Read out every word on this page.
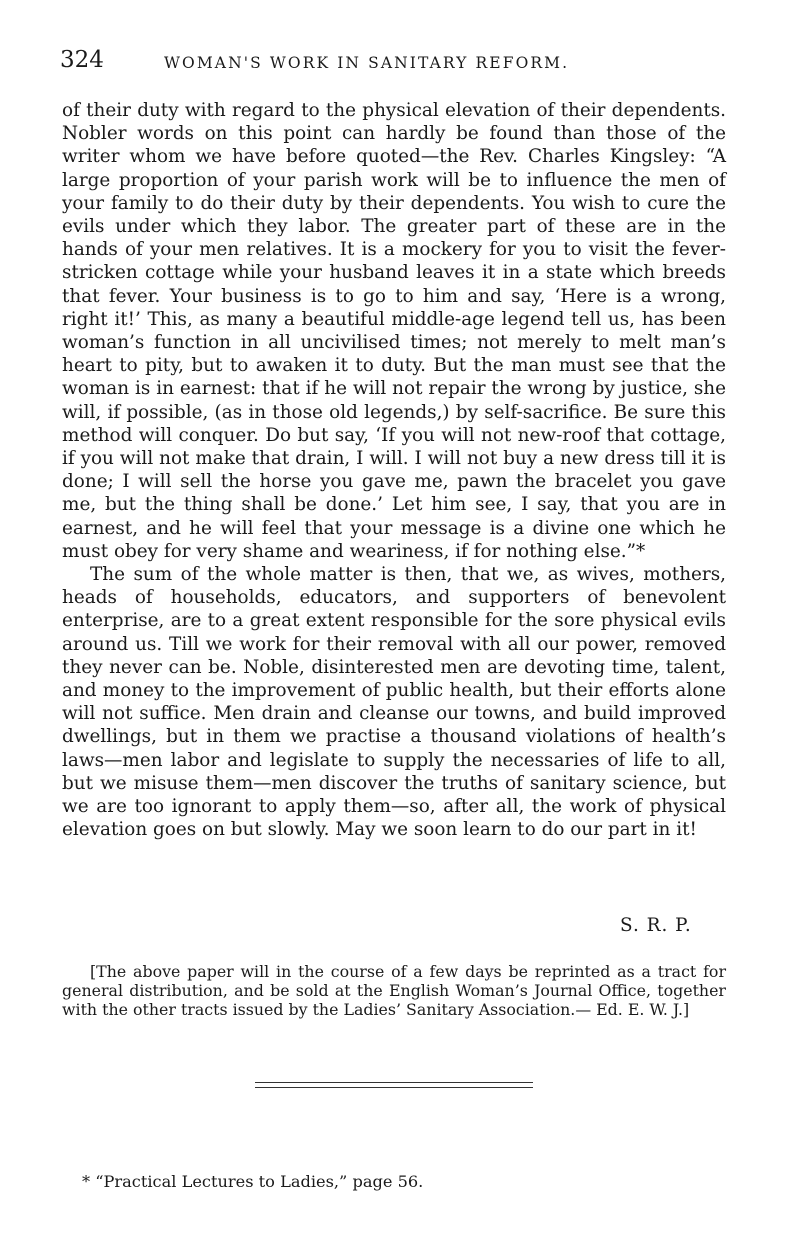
324	WOMAN'S WORK IN SANITARY REFORM.

of their duty with regard to the physical elevation of their dependents. Nobler words on this point can hardly be found than those of the writer whom we have before quoted—the Rev. Charles Kingsley: “A large proportion of your parish work will be to influence the men of your family to do their duty by their dependents. You wish to cure the evils under which they labor. The greater part of these are in the hands of your men relatives. It is a mockery for you to visit the fever-stricken cottage while your husband leaves it in a state which breeds that fever. Your business is to go to him and say, ‘Here is a wrong, right it!’ This, as many a beautiful middle-age legend tell us, has been woman’s function in all uncivilised times; not merely to melt man’s heart to pity, but to awaken it to duty. But the man must see that the woman is in earnest: that if he will not repair the wrong by justice, she will, if possible, (as in those old legends,) by self-sacrifice. Be sure this method will conquer. Do but say, ‘If you will not new-roof that cottage, if you will not make that drain, I will. I will not buy a new dress till it is done; I will sell the horse you gave me, pawn the bracelet you gave me, but the thing shall be done.’ Let him see, I say, that you are in earnest, and he will feel that your message is a divine one which he must obey for very shame and weariness, if for nothing else.”*

The sum of the whole matter is then, that we, as wives, mothers, heads of households, educators, and supporters of benevolent enterprise, are to a great extent responsible for the sore physical evils around us. Till we work for their removal with all our power, removed they never can be. Noble, disinterested men are devoting time, talent, and money to the improvement of public health, but their efforts alone will not suffice. Men drain and cleanse our towns, and build improved dwellings, but in them we practise a thousand violations of health’s laws—men labor and legislate to supply the necessaries of life to all, but we misuse them—men discover the truths of sanitary science, but we are too ignorant to apply them—so, after all, the work of physical elevation goes on but slowly. May we soon learn to do our part in it!

S. R. P.

[The above paper will in the course of a few days be reprinted as a tract for general distribution, and be sold at the English Woman’s Journal Office, together with the other tracts issued by the Ladies’ Sanitary Association.— Ed. E. W. J.]

* “Practical Lectures to Ladies,” page 56.
